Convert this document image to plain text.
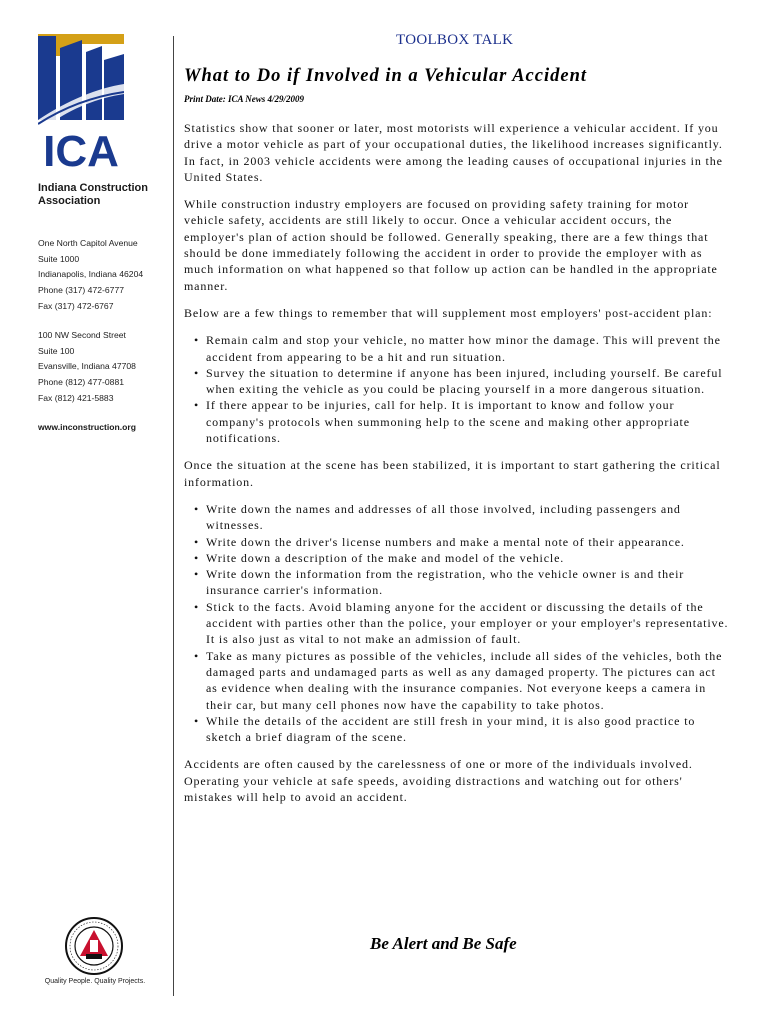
ICA
Indiana Construction Association
One North Capitol Avenue
Suite 1000
Indianapolis, Indiana 46204
Phone (317) 472-6777
Fax (317) 472-6767
100 NW Second Street
Suite 100
Evansville, Indiana 47708
Phone (812) 477-0881
Fax (812) 421-5883
www.inconstruction.org
Quality People. Quality Projects.
TOOLBOX TALK
What to Do if Involved in a Vehicular Accident
Print Date: ICA News 4/29/2009

Statistics show that sooner or later, most motorists will experience a vehicular accident. If you drive a motor vehicle as part of your occupational duties, the likelihood increases significantly. In fact, in 2003 vehicle accidents were among the leading causes of occupational injuries in the United States.

While construction industry employers are focused on providing safety training for motor vehicle safety, accidents are still likely to occur. Once a vehicular accident occurs, the employer's plan of action should be followed. Generally speaking, there are a few things that should be done immediately following the accident in order to provide the employer with as much information on what happened so that follow up action can be handled in the appropriate manner.

Below are a few things to remember that will supplement most employers' post-accident plan:

• Remain calm and stop your vehicle, no matter how minor the damage. This will prevent the accident from appearing to be a hit and run situation.
• Survey the situation to determine if anyone has been injured, including yourself. Be careful when exiting the vehicle as you could be placing yourself in a more dangerous situation.
• If there appear to be injuries, call for help. It is important to know and follow your company's protocols when summoning help to the scene and making other appropriate notifications.

Once the situation at the scene has been stabilized, it is important to start gathering the critical information.

• Write down the names and addresses of all those involved, including passengers and witnesses.
• Write down the driver's license numbers and make a mental note of their appearance.
• Write down a description of the make and model of the vehicle.
• Write down the information from the registration, who the vehicle owner is and their insurance carrier's information.
• Stick to the facts. Avoid blaming anyone for the accident or discussing the details of the accident with parties other than the police, your employer or your employer's representative. It is also just as vital to not make an admission of fault.
• Take as many pictures as possible of the vehicles, include all sides of the vehicles, both the damaged parts and undamaged parts as well as any damaged property. The pictures can act as evidence when dealing with the insurance companies. Not everyone keeps a camera in their car, but many cell phones now have the capability to take photos.
• While the details of the accident are still fresh in your mind, it is also good practice to sketch a brief diagram of the scene.

Accidents are often caused by the carelessness of one or more of the individuals involved. Operating your vehicle at safe speeds, avoiding distractions and watching out for others' mistakes will help to avoid an accident.

Be Alert and Be Safe
